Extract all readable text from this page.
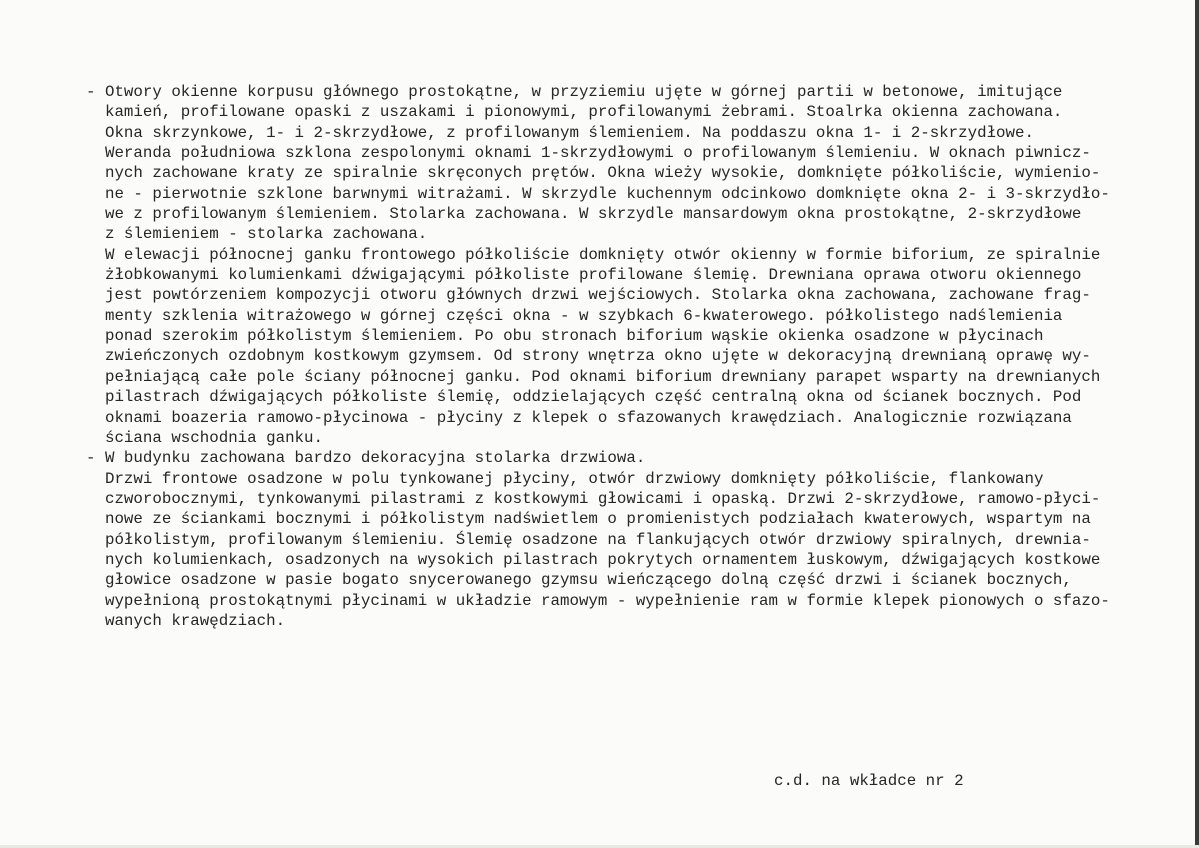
- Otwory okienne korpusu głównego prostokątne, w przyziemiu ujęte w górnej partii w betonowe, imitujące
kamień, profilowane opaski z uszakami i pionowymi, profilowanymi żebrami. Stoalrka okienna zachowana.
Okna skrzynkowe, 1- i 2-skrzydłowe, z profilowanym ślemieniem. Na poddaszu okna 1- i 2-skrzydłowe.
Weranda południowa szklona zespolonymi oknami 1-skrzydłowymi o profilowanym ślemieniu. W oknach piwnicz-
nych zachowane kraty ze spiralnie skręconych prętów. Okna wieży wysokie, domknięte półkoliście, wymienio-
ne - pierwotnie szklone barwnymi witrażami. W skrzydle kuchennym odcinkowo domknięte okna 2- i 3-skrzydło-
we z profilowanym ślemieniem. Stolarka zachowana. W skrzydle mansardowym okna prostokątne, 2-skrzydłowe
z ślemieniem - stolarka zachowana.
W elewacji północnej ganku frontowego półkoliście domknięty otwór okienny w formie biforium, ze spiralnie
żłobkowanymi kolumienkami dźwigającymi półkoliste profilowane ślemię. Drewniana oprawa otworu okiennego
jest powtórzeniem kompozycji otworu głównych drzwi wejściowych. Stolarka okna zachowana, zachowane frag-
menty szklenia witrażowego w górnej części okna - w szybkach 6-kwaterowego. półkolistego nadślemienia
ponad szerokim półkolistym ślemieniem. Po obu stronach biforium wąskie okienka osadzone w płycinach
zwieńczonych ozdobnym kostkowym gzymsem. Od strony wnętrza okno ujęte w dekoracyjną drewnianą oprawę wy-
pełniającą całe pole ściany północnej ganku. Pod oknami biforium drewniany parapet wsparty na drewnianych
pilastrach dźwigających półkoliste ślemię, oddzielających część centralną okna od ścianek bocznych. Pod
oknami boazeria ramowo-płycinowa - płyciny z klepek o sfazowanych krawędziach. Analogicznie rozwiązana
ściana wschodnia ganku.
- W budynku zachowana bardzo dekoracyjna stolarka drzwiowa.
Drzwi frontowe osadzone w polu tynkowanej płyciny, otwór drzwiowy domknięty półkoliście, flankowany
czworobocznymi, tynkowanymi pilastrami z kostkowymi głowicami i opaską. Drzwi 2-skrzydłowe, ramowo-płyci-
nowe ze ściankami bocznymi i półkolistym nadświetlem o promienistych podziałach kwaterowych, wspartym na
półkolistym, profilowanym ślemieniu. Ślemię osadzone na flankujących otwór drzwiowy spiralnych, drewnia-
nych kolumienkach, osadzonych na wysokich pilastrach pokrytych ornamentem łuskowym, dźwigających kostkowe
głowice osadzone w pasie bogato snycerowanego gzymsu wieńczącego dolną część drzwi i ścianek bocznych,
wypełnioną prostokątnymi płycinami w układzie ramowym - wypełnienie ram w formie klepek pionowych o sfazo-
wanych krawędziach.
c.d. na wkładce nr 2
